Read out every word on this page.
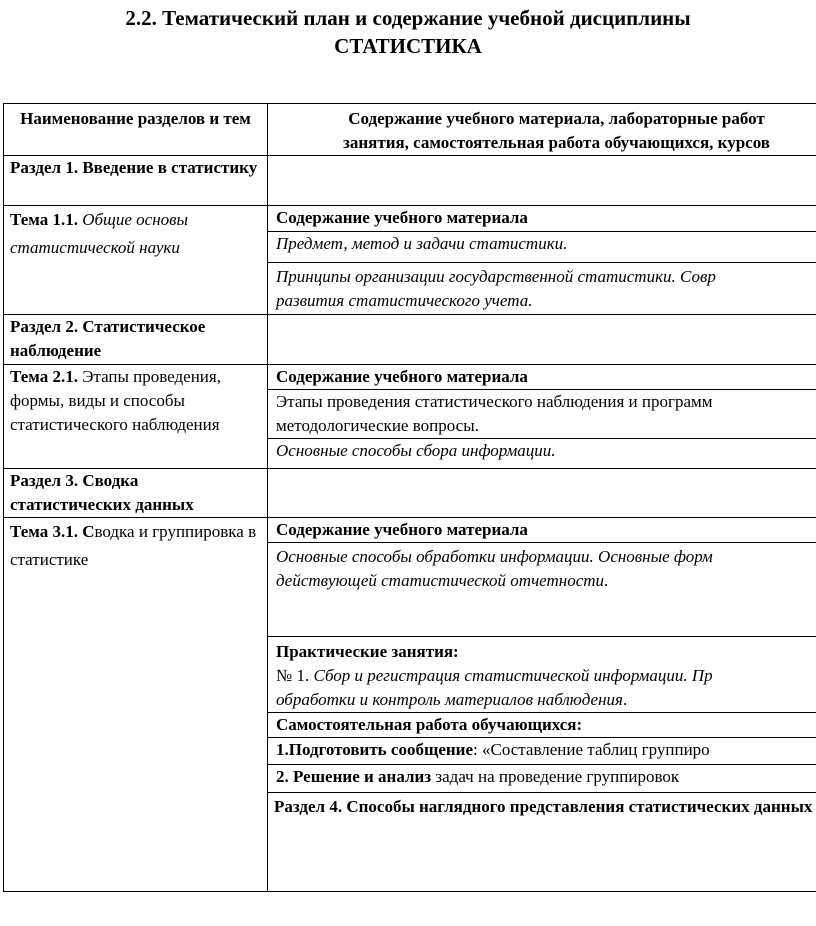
2.2. Тематический план и содержание учебной дисциплины
СТАТИСТИКА
Наименование разделов и тем	Содержание учебного материала, лабораторные работ
занятия, самостоятельная работа обучающихся, курсов	

Раздел 1. Введение в статистику		
Тема 1.1. Общие основы статистической науки	Содержание учебного материала	
	Предмет, метод и задачи статистики.	

	Принципы организации государственной статистики. Совр
развития статистического учета.	

Раздел 2. Статистическое наблюдение		
Тема 2.1. Этапы проведения, формы, виды и способы статистического наблюдения	Содержание учебного материала	

	Этапы проведения статистического наблюдения и программ
методологические вопросы.	

	Основные способы сбора информации.	
Раздел 3. Сводка статистических данных		
Тема 3.1. Сводка и группировка в статистике	Содержание учебного материала	

	Основные способы обработки информации. Основные форм
действующей статистической отчетности.	

	Практические занятия:
№ 1. Сбор и регистрация статистической информации. Пр
обработки и контроль материалов наблюдения.	

	Самостоятельная работа обучающихся:	
	1.Подготовить сообщение: «Составление таблиц группиро	
	2. Решение и анализ задач на проведение группировок	
	Раздел 4. Способы наглядного представления статистических данных	
